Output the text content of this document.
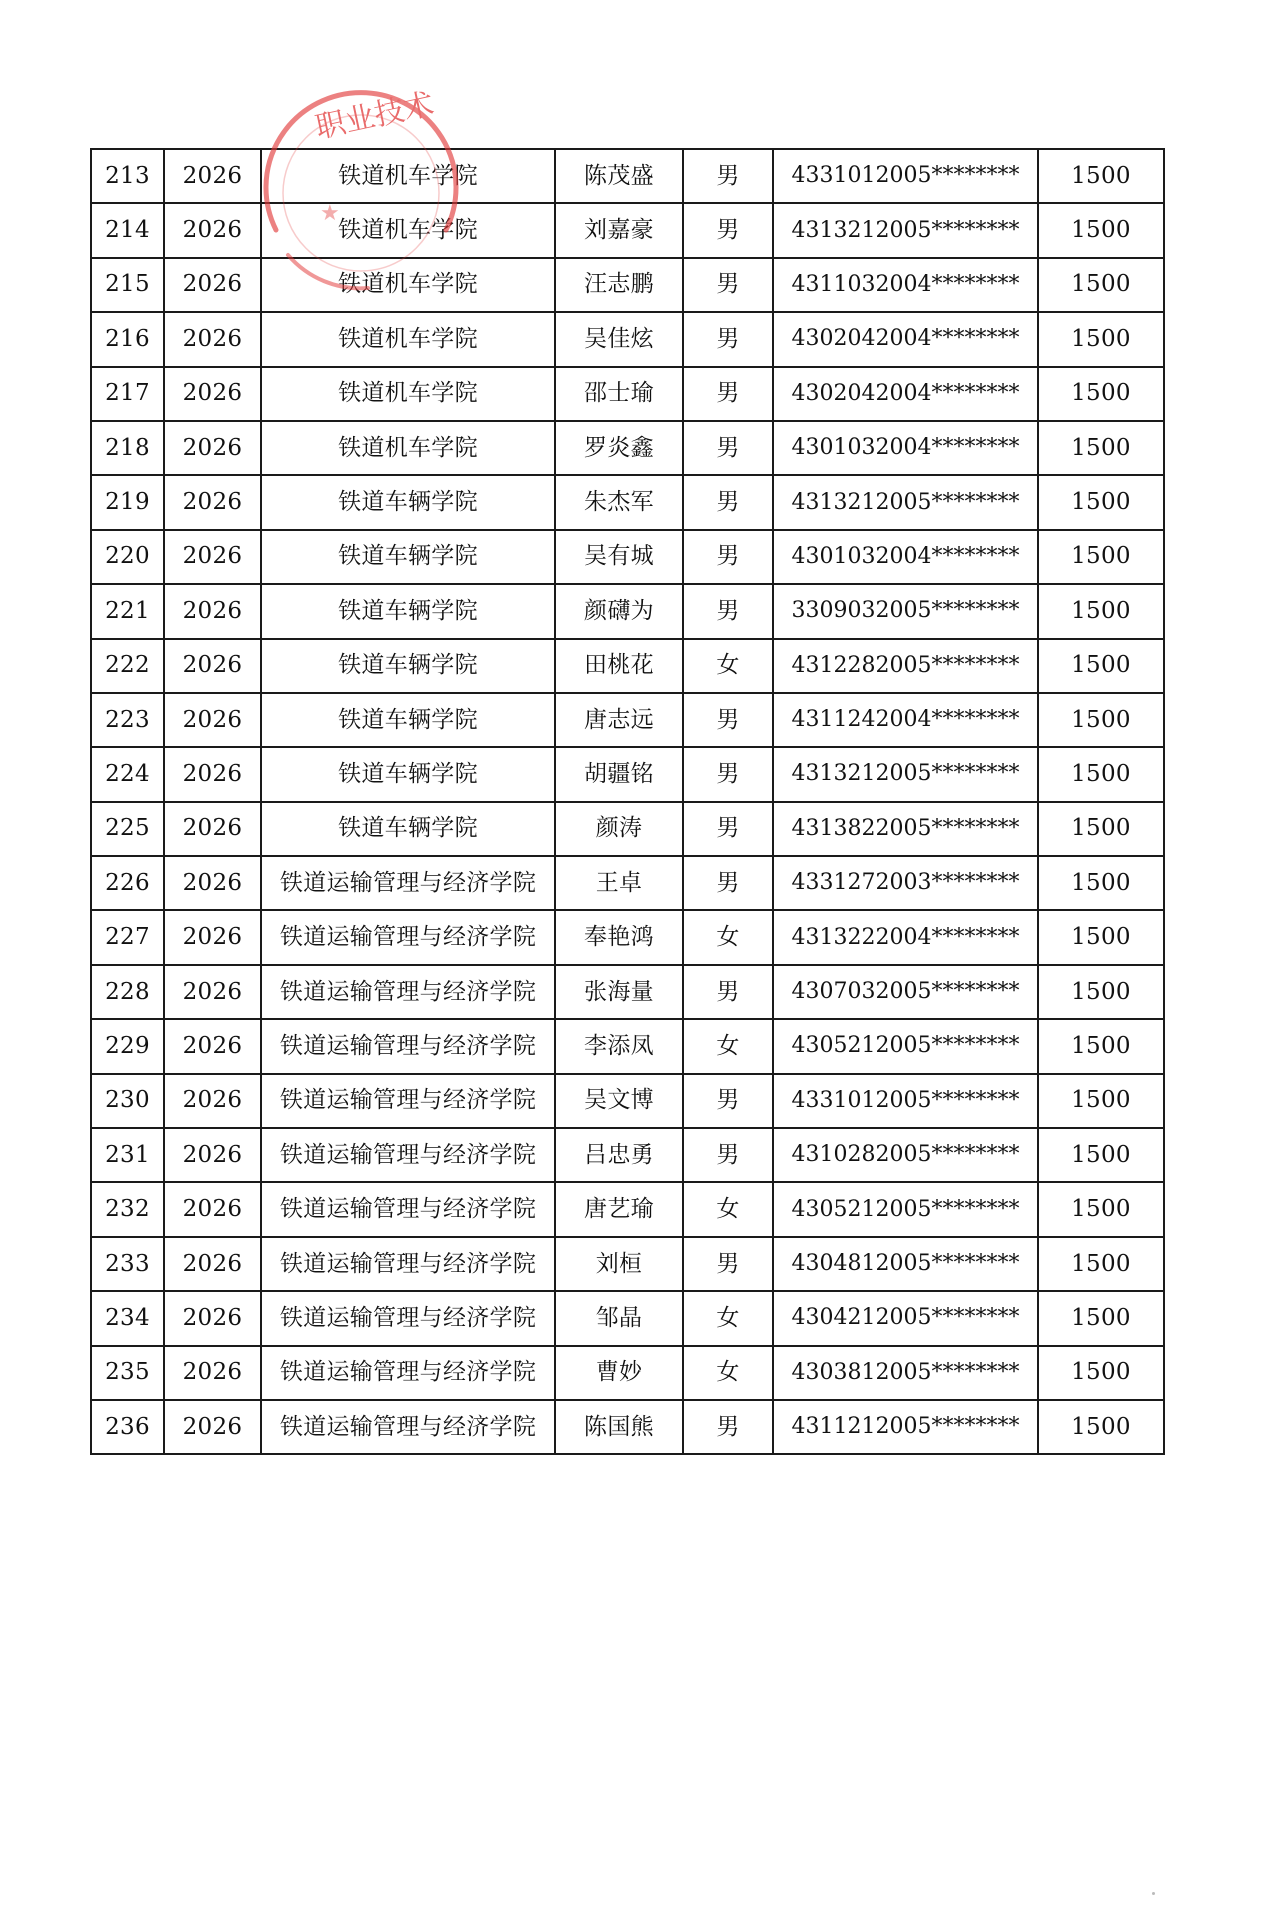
213	2026	铁道机车学院	陈茂盛	男	4331012005********	1500
214	2026	铁道机车学院	刘嘉豪	男	4313212005********	1500
215	2026	铁道机车学院	汪志鹏	男	4311032004********	1500
216	2026	铁道机车学院	吴佳炫	男	4302042004********	1500
217	2026	铁道机车学院	邵士瑜	男	4302042004********	1500
218	2026	铁道机车学院	罗炎鑫	男	4301032004********	1500
219	2026	铁道车辆学院	朱杰军	男	4313212005********	1500
220	2026	铁道车辆学院	吴有城	男	4301032004********	1500
221	2026	铁道车辆学院	颜礴为	男	3309032005********	1500
222	2026	铁道车辆学院	田桃花	女	4312282005********	1500
223	2026	铁道车辆学院	唐志远	男	4311242004********	1500
224	2026	铁道车辆学院	胡疆铭	男	4313212005********	1500
225	2026	铁道车辆学院	颜涛	男	4313822005********	1500
226	2026	铁道运输管理与经济学院	王卓	男	4331272003********	1500
227	2026	铁道运输管理与经济学院	奉艳鸿	女	4313222004********	1500
228	2026	铁道运输管理与经济学院	张海量	男	4307032005********	1500
229	2026	铁道运输管理与经济学院	李添凤	女	4305212005********	1500
230	2026	铁道运输管理与经济学院	吴文博	男	4331012005********	1500
231	2026	铁道运输管理与经济学院	吕忠勇	男	4310282005********	1500
232	2026	铁道运输管理与经济学院	唐艺瑜	女	4305212005********	1500
233	2026	铁道运输管理与经济学院	刘桓	男	4304812005********	1500
234	2026	铁道运输管理与经济学院	邹晶	女	4304212005********	1500
235	2026	铁道运输管理与经济学院	曹妙	女	4303812005********	1500
236	2026	铁道运输管理与经济学院	陈国熊	男	4311212005********	1500
职业技术
★
